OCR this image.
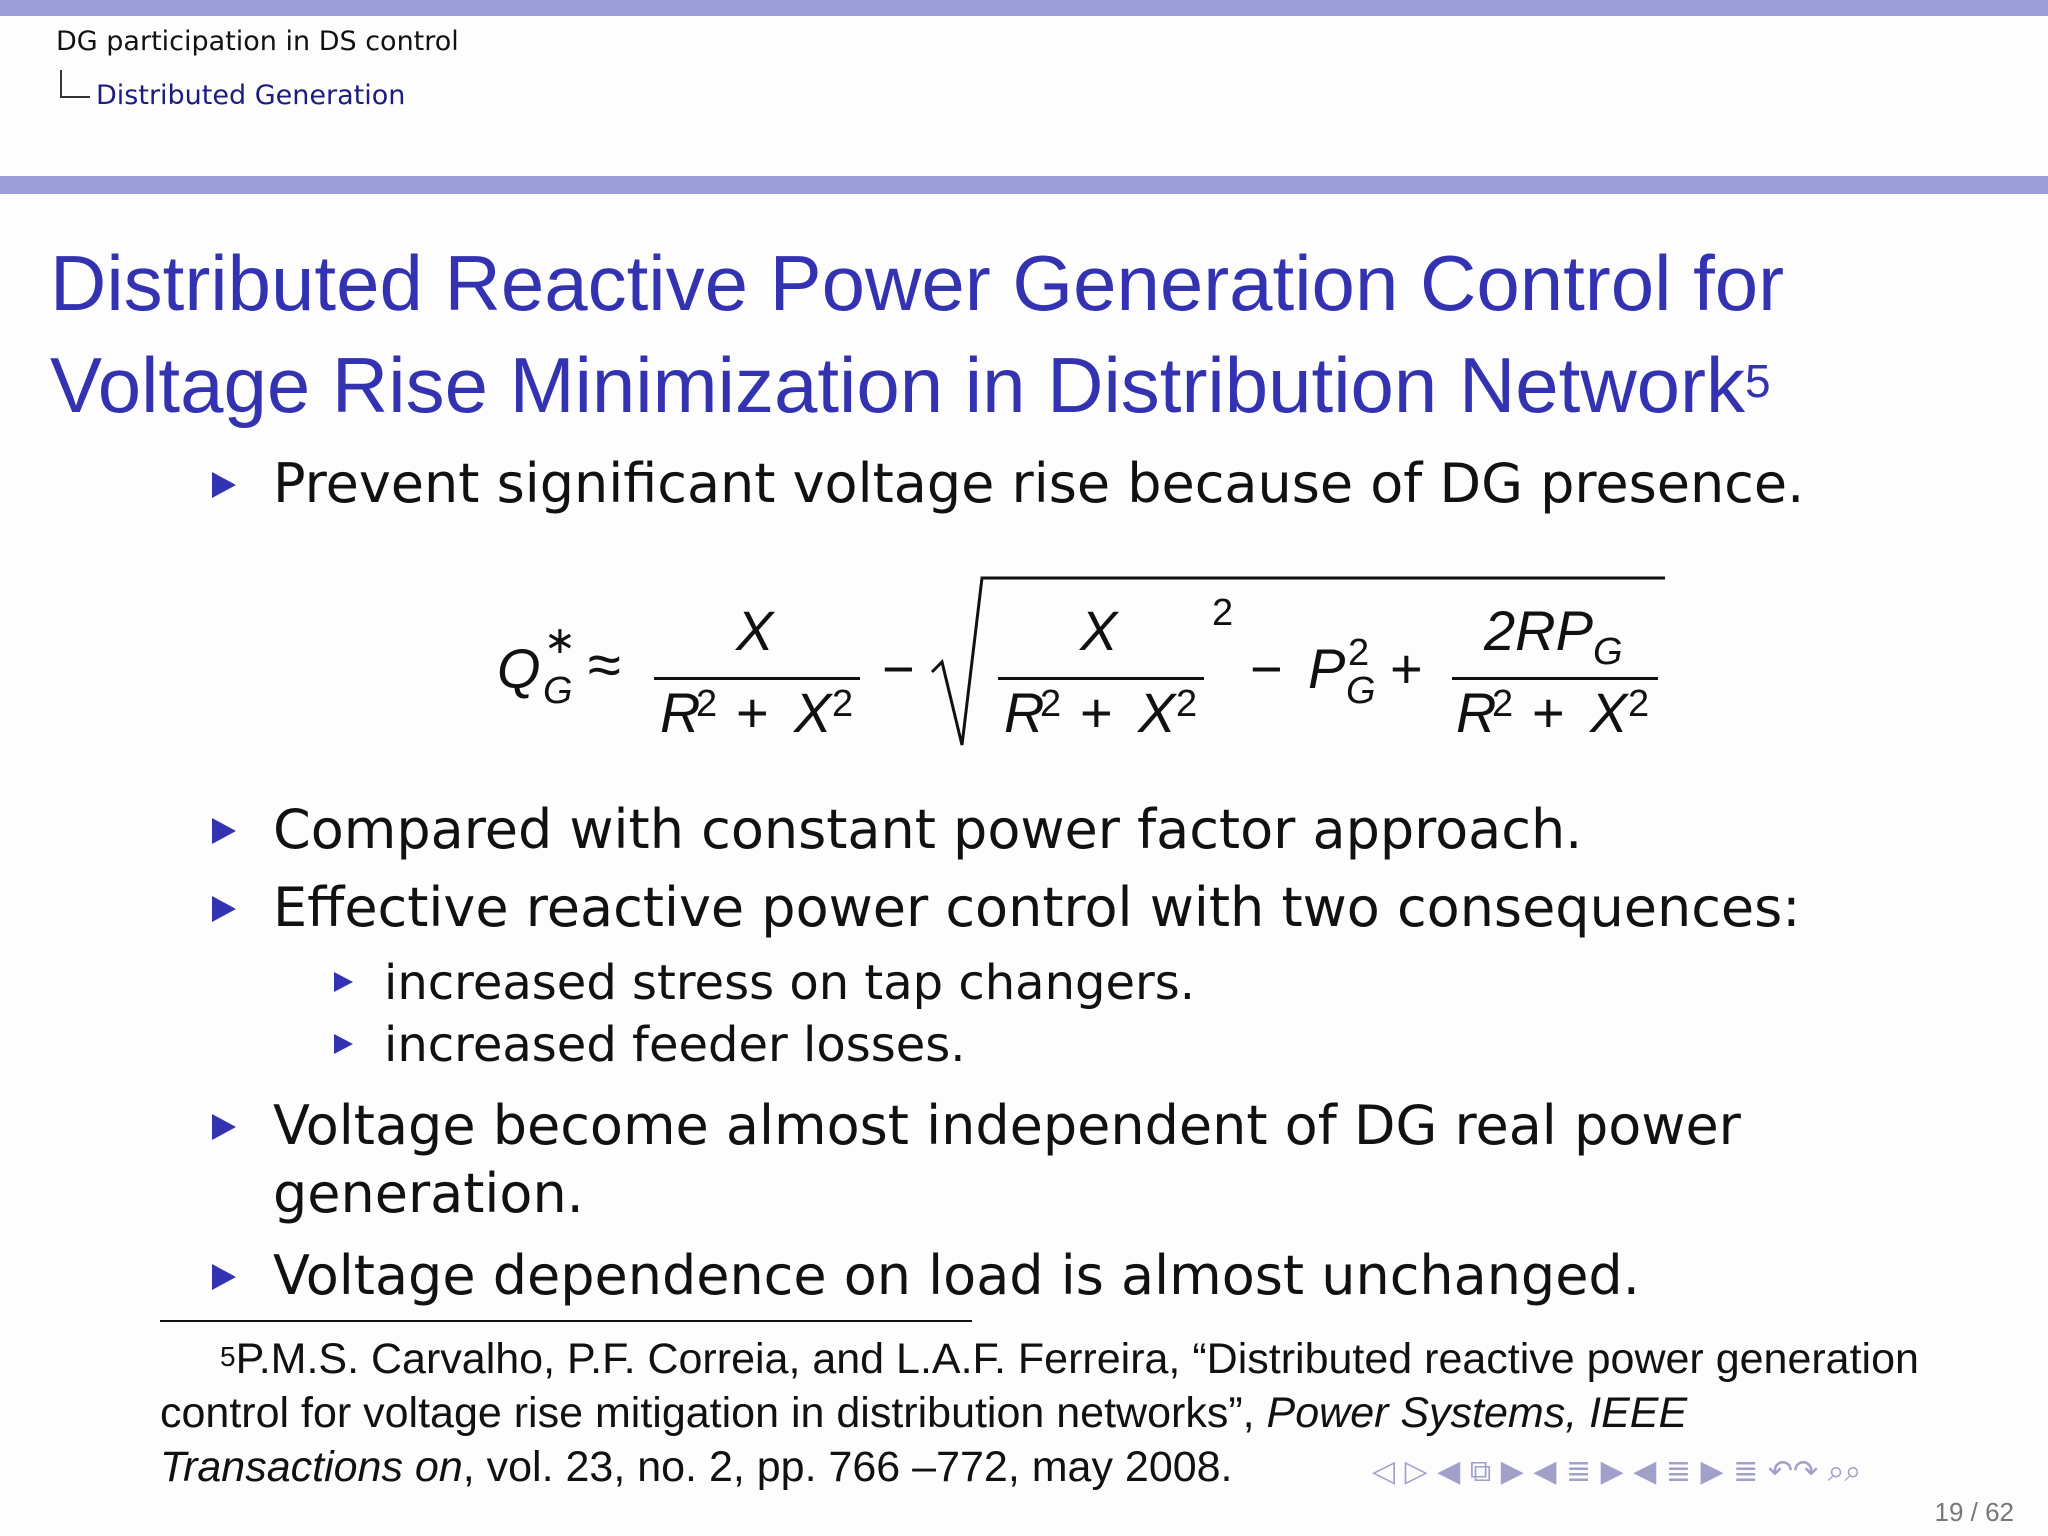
DG participation in DS control
Distributed Generation
Distributed Reactive Power Generation Control for
Voltage Rise Minimization in Distribution Network$^5$
Prevent significant voltage rise because of DG presence.
Q ∗
G ≈
X
R
2 + X 2
−
X
R
2 + X 2
2
− P 2
G +
$2RP_G$
R
2 + X 2
Compared with constant power factor approach.
Effective reactive power control with two consequences:
increased stress on tap changers.
increased feeder losses.
Voltage become almost independent of DG real power
generation.
Voltage dependence on load is almost unchanged.
$^5$P.M.S. Carvalho, P.F. Correia, and L.A.F. Ferreira, “Distributed reactive power generation control for voltage rise mitigation in distribution networks”, Power Systems, IEEE Transactions on, vol. 23, no. 2, pp. 766 –772, may 2008.	◁ ▷ ◀ ⧉ ▶ ◀ ≣ ▶ ◀ ≣ ▶ ≣ ↶↷ ⌕⌕
19 / 62
